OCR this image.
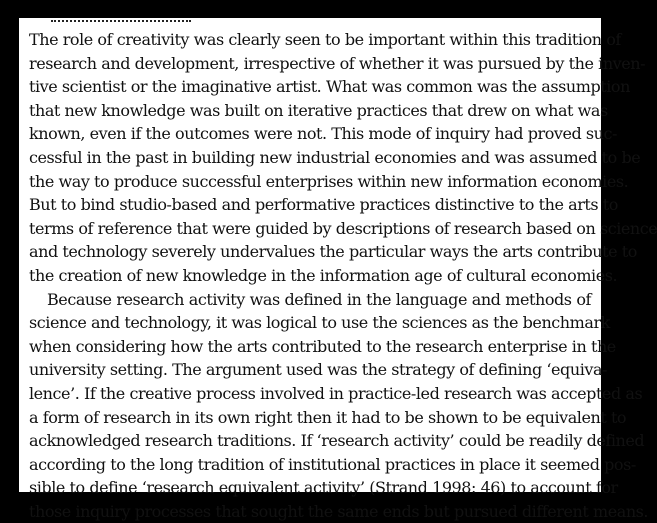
The role of creativity was clearly seen to be important within this tradition of
research and development, irrespective of whether it was pursued by the inven-
tive scientist or the imaginative artist. What was common was the assumption
that new knowledge was built on iterative practices that drew on what was
known, even if the outcomes were not. This mode of inquiry had proved suc-
cessful in the past in building new industrial economies and was assumed to be
the way to produce successful enterprises within new information economies.
But to bind studio-based and performative practices distinctive to the arts to
terms of reference that were guided by descriptions of research based on science
and technology severely undervalues the particular ways the arts contribute to
the creation of new knowledge in the information age of cultural economies.
Because research activity was defined in the language and methods of
science and technology, it was logical to use the sciences as the benchmark
when considering how the arts contributed to the research enterprise in the
university setting. The argument used was the strategy of defining ‘equiva-
lence’. If the creative process involved in practice-led research was accepted as
a form of research in its own right then it had to be shown to be equivalent to
acknowledged research traditions. If ‘research activity’ could be readily defined
according to the long tradition of institutional practices in place it seemed pos-
sible to define ‘research equivalent activity’ (Strand 1998: 46) to account for
those inquiry processes that sought the same ends but pursued different means.
